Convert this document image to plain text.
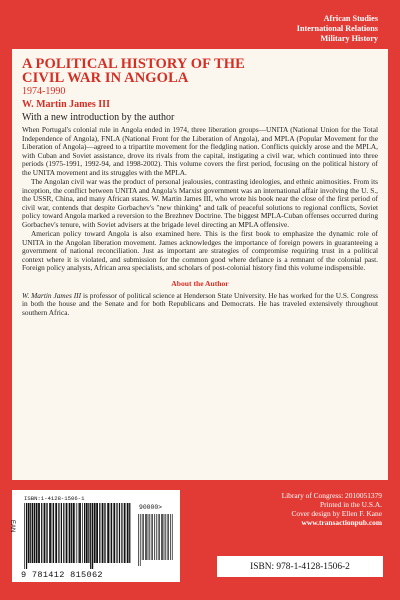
African Studies
International Relations
Military History
A POLITICAL HISTORY OF THE
CIVIL WAR IN ANGOLA
1974-1990
W. Martin James III
With a new introduction by the author

When Portugal's colonial rule in Angola ended in 1974, three liberation groups—UNITA (National Union for the Total Independence of Angola), FNLA (National Front for the Liberation of Angola), and MPLA (Popular Movement for the Liberation of Angola)—agreed to a tripartite movement for the fledgling nation. Conflicts quickly arose and the MPLA, with Cuban and Soviet assistance, drove its rivals from the capital, instigating a civil war, which continued into three periods (1975-1991, 1992-94, and 1998-2002). This volume covers the first period, focusing on the political history of the UNITA movement and its struggles with the MPLA.

The Angolan civil war was the product of personal jealousies, contrasting ideologies, and ethnic animosities. From its inception, the conflict between UNITA and Angola's Marxist government was an international affair involving the U. S., the USSR, China, and many African states. W. Martin James III, who wrote his book near the close of the first period of civil war, contends that despite Gorbachev's "new thinking" and talk of peaceful solutions to regional conflicts, Soviet policy toward Angola marked a reversion to the Brezhnev Doctrine. The biggest MPLA-Cuban offenses occurred during Gorbachev's tenure, with Soviet advisers at the brigade level directing an MPLA offensive.

American policy toward Angola is also examined here. This is the first book to emphasize the dynamic role of UNITA in the Angolan liberation movement. James acknowledges the importance of foreign powers in guaranteeing a government of national reconciliation. Just as important are strategies of compromise requiring trust in a political context where it is violated, and submission for the common good where defiance is a remnant of the colonial past. Foreign policy analysts, African area specialists, and scholars of post-colonial history find this volume indispensible.

About the Author

W. Martin James III is professor of political science at Henderson State University. He has worked for the U.S. Congress in both the house and the Senate and for both Republicans and Democrats. He has traveled extensively throughout southern Africa.

ISBN:1-4128-1506-1
EAN
90000>
9 781412 815062
Library of Congress: 2010051379
Printed in the U.S.A.
Cover design by Ellen F. Kane
www.transactionpub.com
ISBN: 978-1-4128-1506-2
